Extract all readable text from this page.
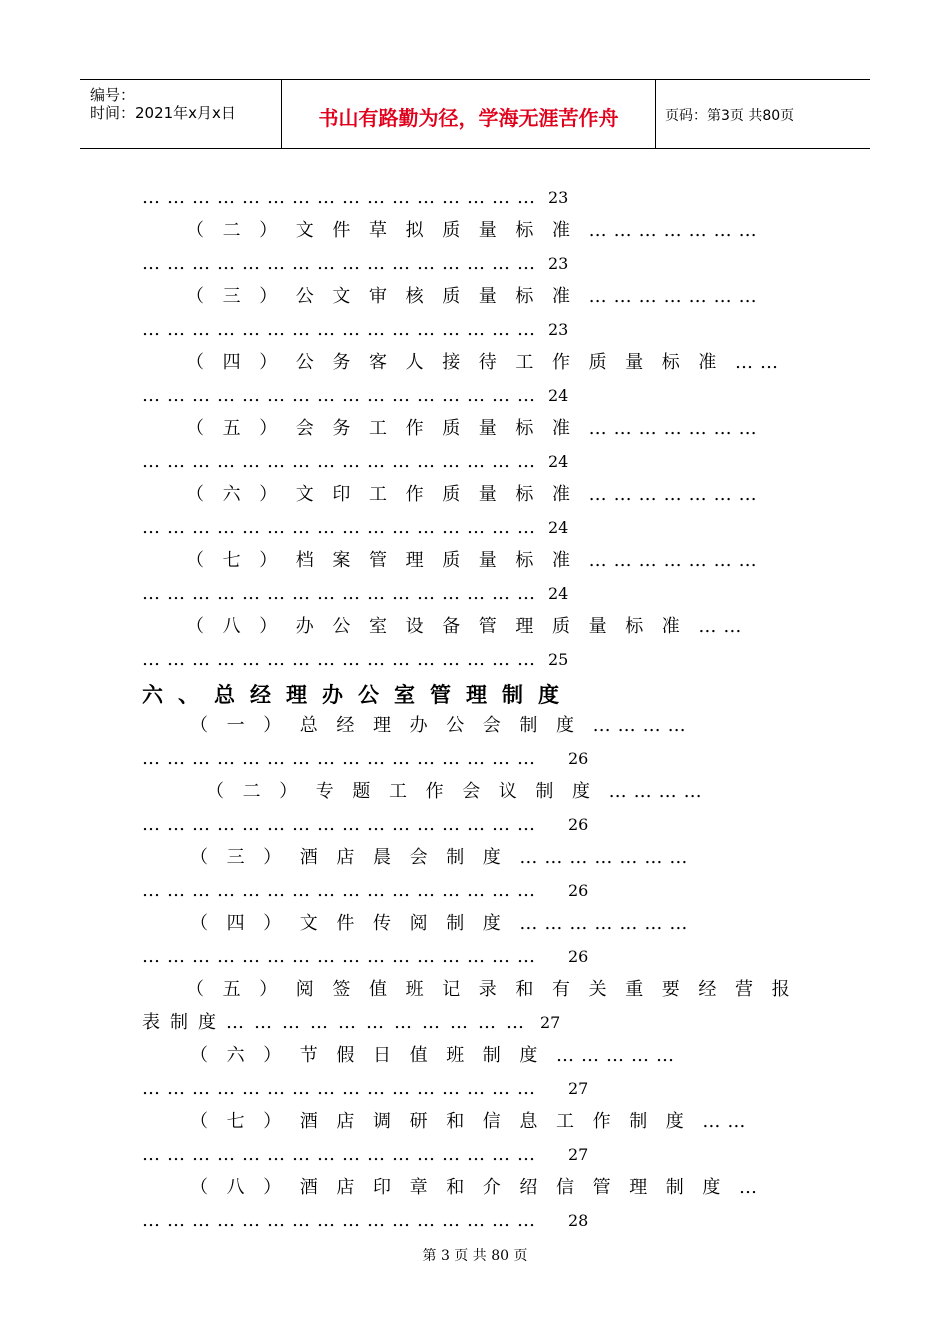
编号：
时间：2021年x月x日	书山有路勤为径，学海无涯苦作舟	页码：第3页 共80页
………………………………………… 23
（二）文件草拟质量标准…………………
………………………………………… 23
（三）公文审核质量标准…………………
………………………………………… 23
（四）公务客人接待工作质量标准……
………………………………………… 24
（五）会务工作质量标准…………………
………………………………………… 24
（六）文印工作质量标准…………………
………………………………………… 24
（七）档案管理质量标准…………………
………………………………………… 24
（八）办公室设备管理质量标准……
………………………………………… 25
六、总经理办公室管理制度
（一）总经理办公会制度…………
………………………………………… 26
（二）专题工作会议制度…………
………………………………………… 26
（三）酒店晨会制度…………………
………………………………………… 26
（四）文件传阅制度…………………
………………………………………… 26
（五）阅签值班记录和有关重要经营报
表制度…………………………… 27
（六）节假日值班制度……………
………………………………………… 27
（七）酒店调研和信息工作制度……
………………………………………… 27
（八）酒店印章和介绍信管理制度…
………………………………………… 28
第 3 页 共 80 页
